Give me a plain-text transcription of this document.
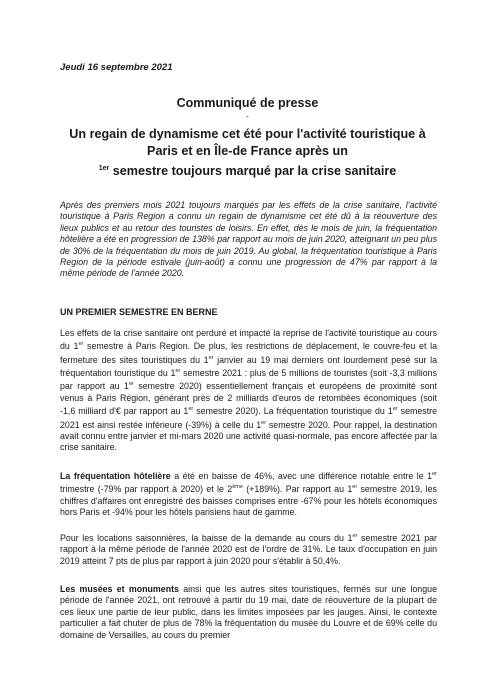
Jeudi 16 septembre 2021
Communiqué de presse
-
Un regain de dynamisme cet été pour l'activité touristique à
Paris et en Île-de France après un
$^{1er}$ semestre toujours marqué par la crise sanitaire
Après des premiers mois 2021 toujours marqués par les effets de la crise sanitaire, l'activité touristique à Paris Region a connu un regain de dynamisme cet été dû à la réouverture des lieux publics et au retour des touristes de loisirs. En effet, dès le mois de juin, la fréquentation hôtelière a été en progression de 138% par rapport au mois de juin 2020, atteignant un peu plus de 30% de la fréquentation du mois de juin 2019. Au global, la fréquentation touristique à Paris Region de la période estivale (juin-août) a connu une progression de 47% par rapport à la même période de l'année 2020.
UN PREMIER SEMESTRE EN BERNE
Les effets de la crise sanitaire ont perduré et impacté la reprise de l'activité touristique au cours du 1er semestre à Paris Region. De plus, les restrictions de déplacement, le couvre-feu et la fermeture des sites touristiques du 1er janvier au 19 mai derniers ont lourdement pesé sur la fréquentation touristique du 1er semestre 2021 : plus de 5 millions de touristes (soit -3,3 millions par rapport au 1er semestre 2020) essentiellement français et européens de proximité sont venus à Paris Région, générant près de 2 milliards d'euros de retombées économiques (soit -1,6 milliard d'€ par rapport au 1er semestre 2020). La fréquentation touristique du 1er semestre 2021 est ainsi restée inférieure (-39%) à celle du 1er semestre 2020. Pour rappel, la destination avait connu entre janvier et mi-mars 2020 une activité quasi-normale, pas encore affectée par la crise sanitaire.
La fréquentation hôtelière a été en baisse de 46%, avec une différence notable entre le 1er trimestre (-79% par rapport à 2020) et le 2ème (+189%). Par rapport au 1er semestre 2019, les chiffres d'affaires ont enregistré des baisses comprises entre -67% pour les hôtels économiques hors Paris et -94% pour les hôtels parisiens haut de gamme.
Pour les locations saisonnières, la baisse de la demande au cours du 1er semestre 2021 par rapport à la même période de l'année 2020 est de l'ordre de 31%. Le taux d'occupation en juin 2019 atteint 7 pts de plus par rapport à juin 2020 pour s'établir à 50,4%.
Les musées et monuments ainsi que les autres sites touristiques, fermés sur une longue période de l'année 2021, ont retrouvé à partir du 19 mai, date de réouverture de la plupart de ces lieux une partie de leur public, dans les limites imposées par les jauges. Ainsi, le contexte particulier a fait chuter de plus de 78% la fréquentation du musée du Louvre et de 69% celle du domaine de Versailles, au cours du premier
